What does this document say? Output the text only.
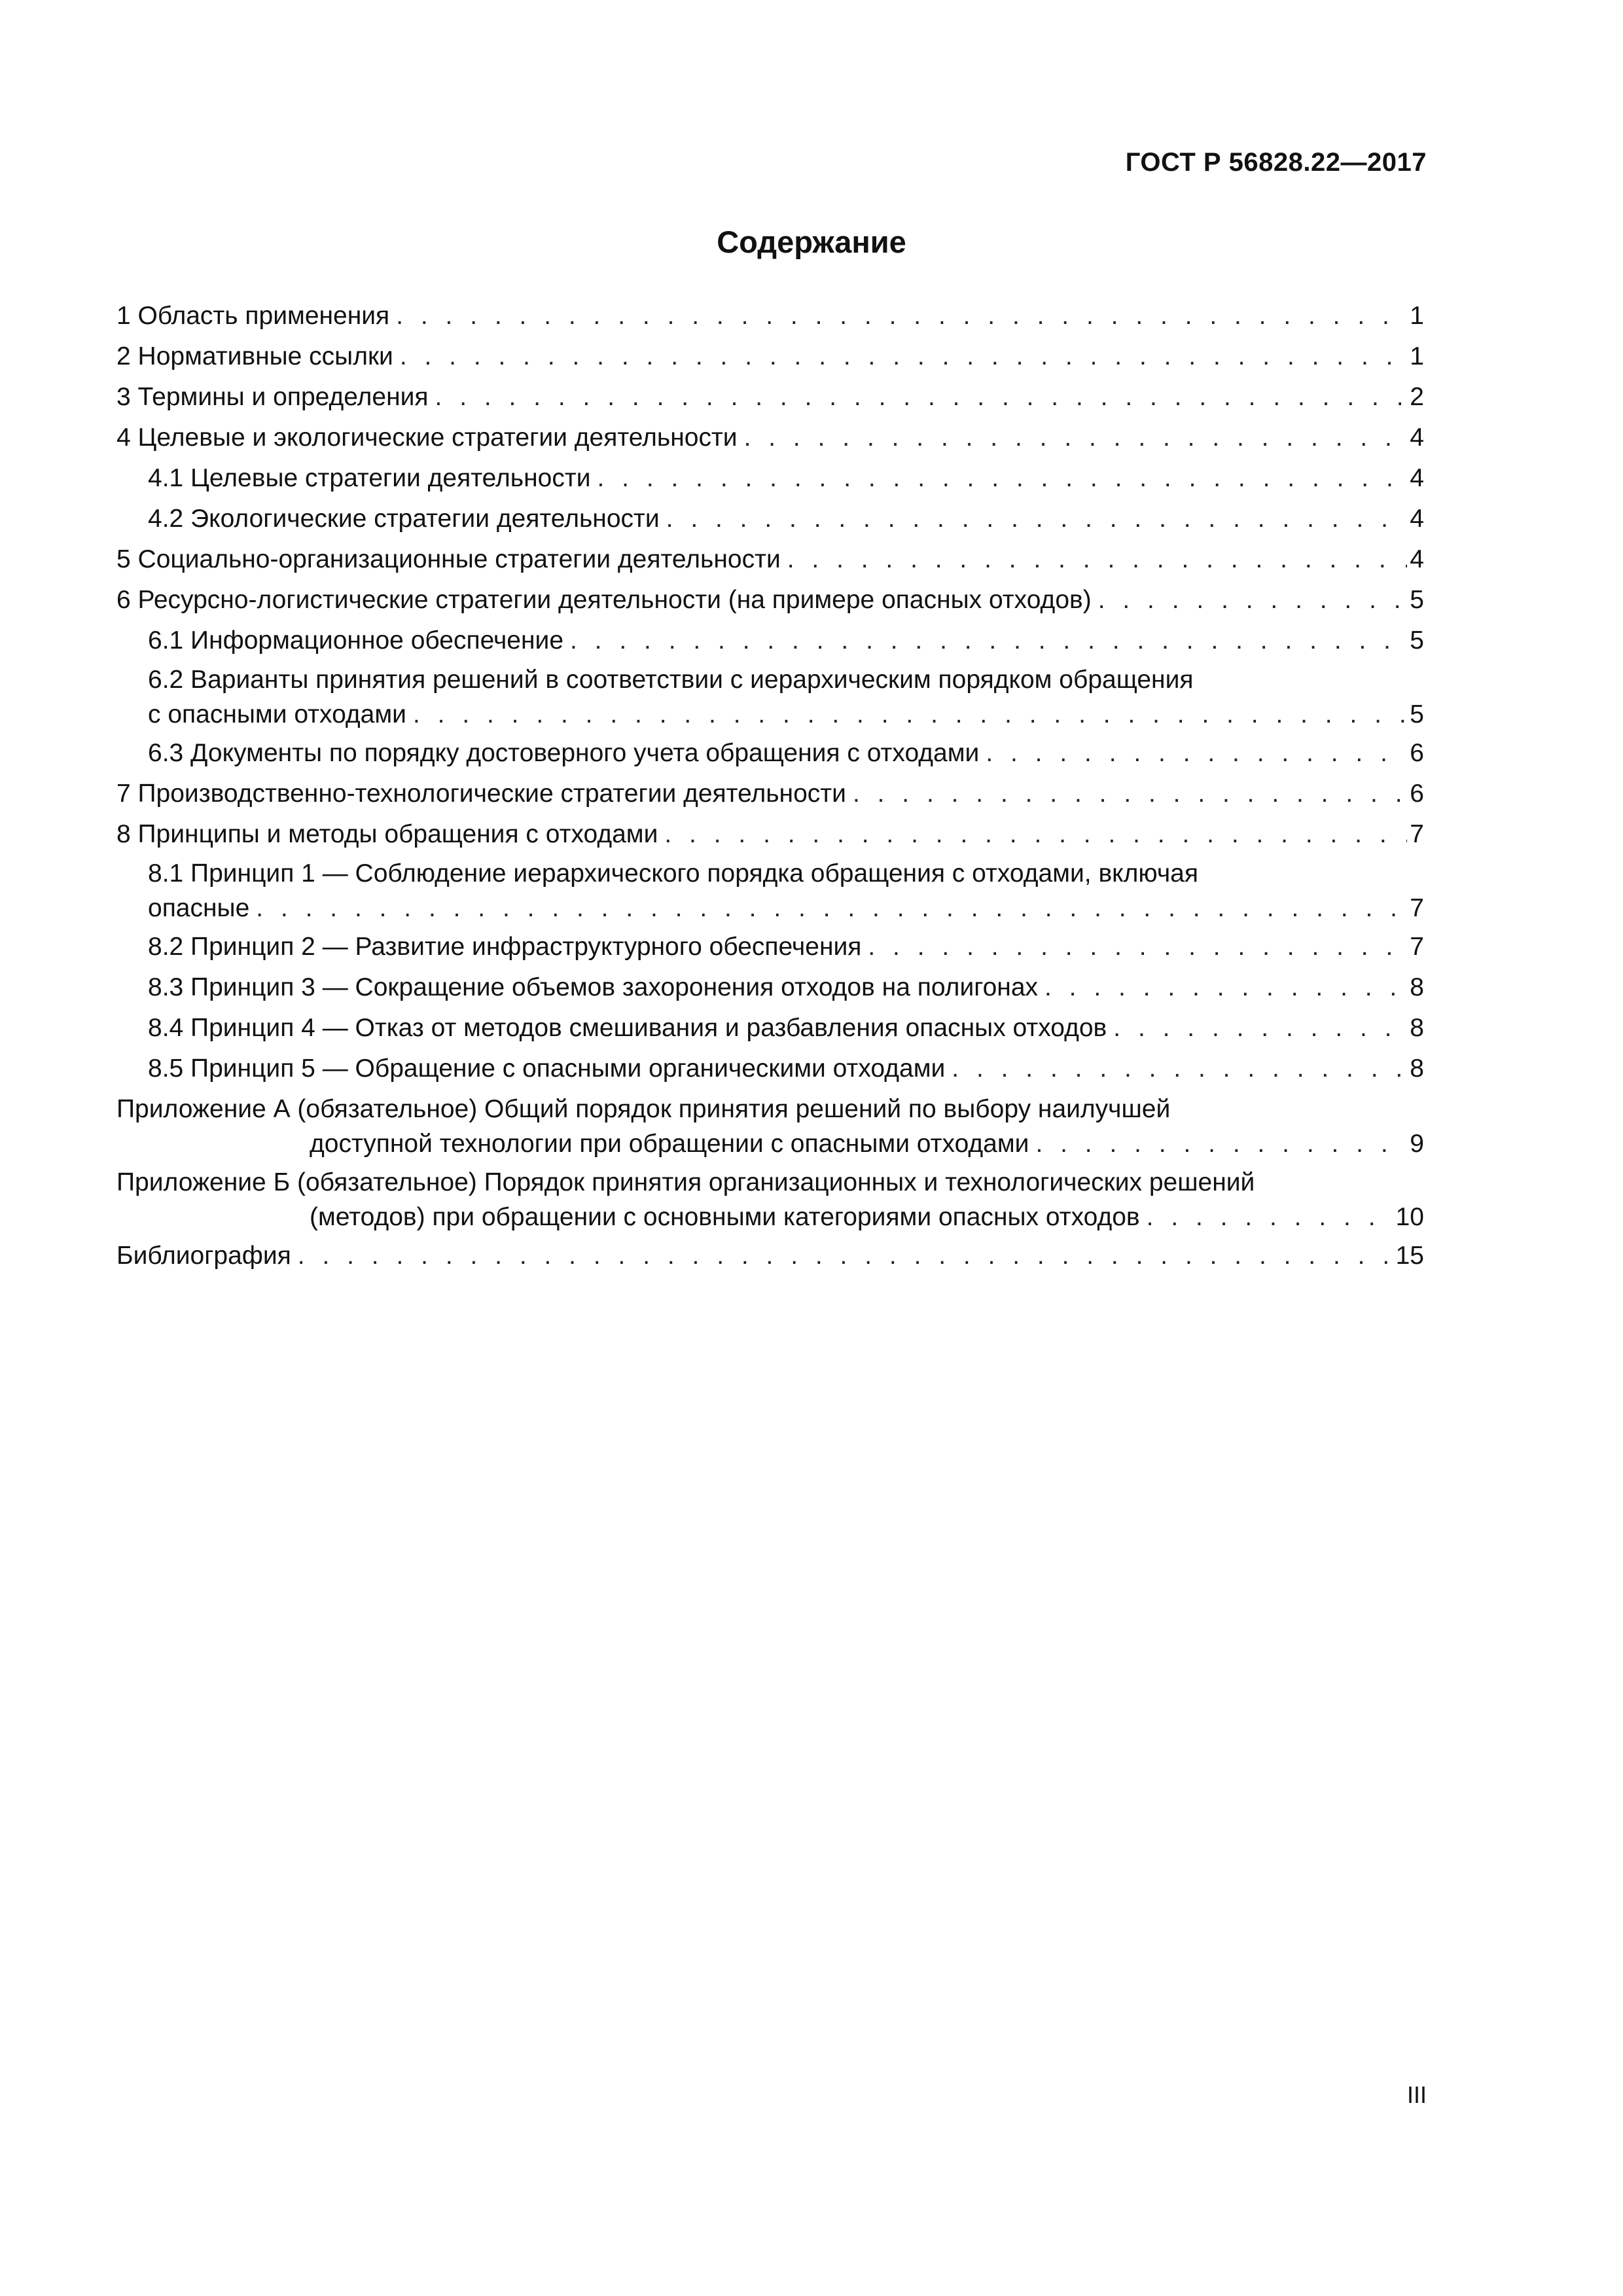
ГОСТ Р 56828.22—2017
Содержание
1 Область применения . . .	1
2 Нормативные ссылки . . .	1
3 Термины и определения . . .	2
4 Целевые и экологические стратегии деятельности . . .	4
4.1 Целевые стратегии деятельности . . .	4
4.2 Экологические стратегии деятельности . . .	4
5 Социально-организационные стратегии деятельности . . .	4
6 Ресурсно-логистические стратегии деятельности (на примере опасных отходов) . . .	5
6.1 Информационное обеспечение . . .	5
6.2 Варианты принятия решений в соответствии с иерархическим порядком обращения
с опасными отходами . . .	5
6.3 Документы по порядку достоверного учета обращения с отходами . . .	6
7 Производственно-технологические стратегии деятельности . . .	6
8 Принципы и методы обращения с отходами . . .	7
8.1 Принцип 1 — Соблюдение иерархического порядка обращения с отходами, включая
опасные . . .	7
8.2 Принцип 2 — Развитие инфраструктурного обеспечения . . .	7
8.3 Принцип 3 — Сокращение объемов захоронения отходов на полигонах . . .	8
8.4 Принцип 4 — Отказ от методов смешивания и разбавления опасных отходов . . .	8
8.5 Принцип 5 — Обращение с опасными органическими отходами . . .	8
Приложение А (обязательное) Общий порядок принятия решений по выбору наилучшей
доступной технологии при обращении с опасными отходами . . .	9
Приложение Б (обязательное) Порядок принятия организационных и технологических решений
(методов) при обращении с основными категориями опасных отходов . . .	10
Библиография . . .	15
III
